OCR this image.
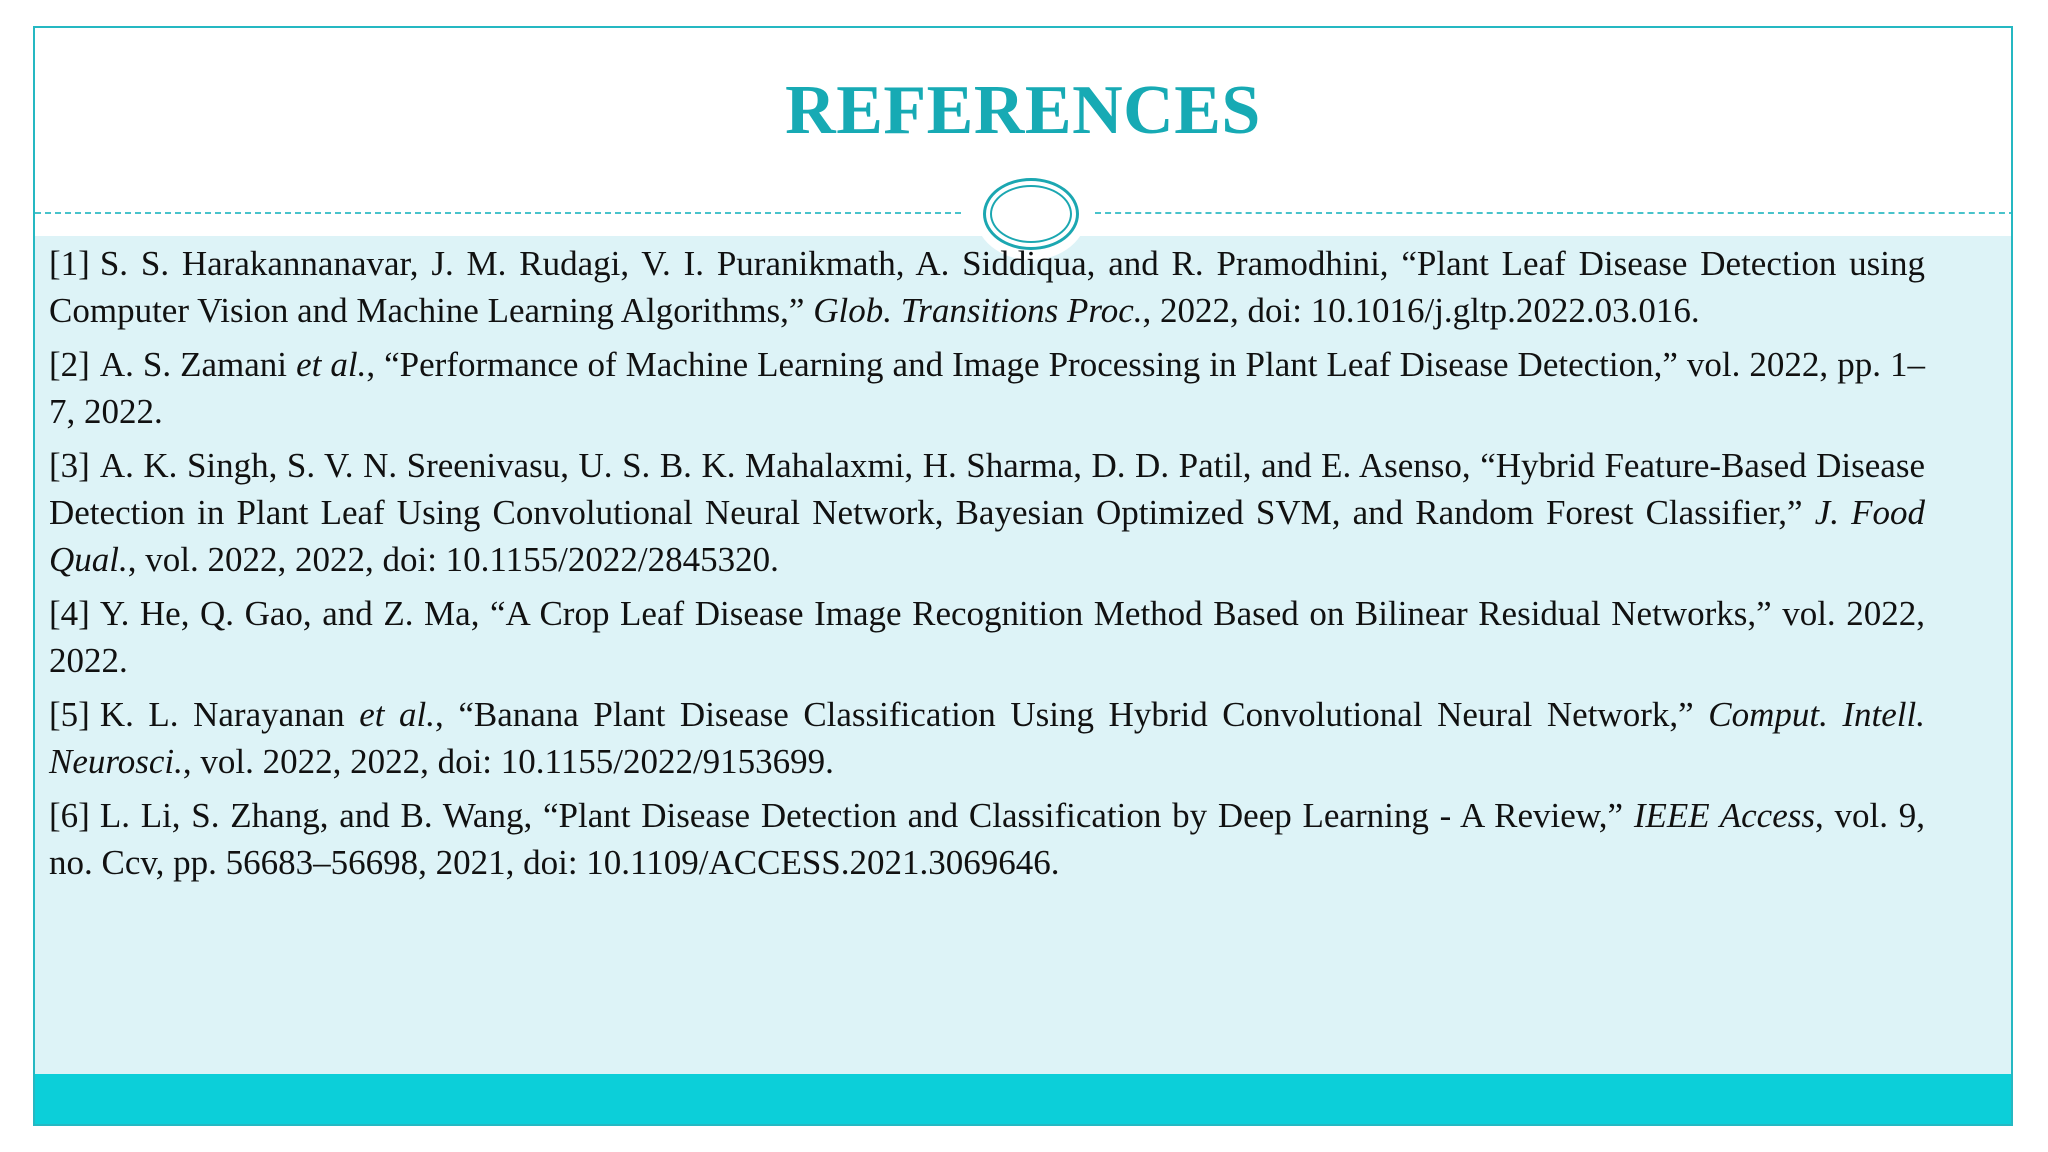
REFERENCES
[1] S. S. Harakannanavar, J. M. Rudagi, V. I. Puranikmath, A. Siddiqua, and R. Pramodhini, “Plant Leaf Disease Detection using Computer Vision and Machine Learning Algorithms,” Glob. Transitions Proc., 2022, doi: 10.1016/j.gltp.2022.03.016.
[2] A. S. Zamani et al., “Performance of Machine Learning and Image Processing in Plant Leaf Disease Detection,” vol. 2022, pp. 1–7, 2022.
[3] A. K. Singh, S. V. N. Sreenivasu, U. S. B. K. Mahalaxmi, H. Sharma, D. D. Patil, and E. Asenso, “Hybrid Feature-Based Disease Detection in Plant Leaf Using Convolutional Neural Network, Bayesian Optimized SVM, and Random Forest Classifier,” J. Food Qual., vol. 2022, 2022, doi: 10.1155/2022/2845320.
[4] Y. He, Q. Gao, and Z. Ma, “A Crop Leaf Disease Image Recognition Method Based on Bilinear Residual Networks,” vol. 2022, 2022.
[5] K. L. Narayanan et al., “Banana Plant Disease Classification Using Hybrid Convolutional Neural Network,” Comput. Intell. Neurosci., vol. 2022, 2022, doi: 10.1155/2022/9153699.
[6] L. Li, S. Zhang, and B. Wang, “Plant Disease Detection and Classification by Deep Learning - A Review,” IEEE Access, vol. 9, no. Ccv, pp. 56683–56698, 2021, doi: 10.1109/ACCESS.2021.3069646.
